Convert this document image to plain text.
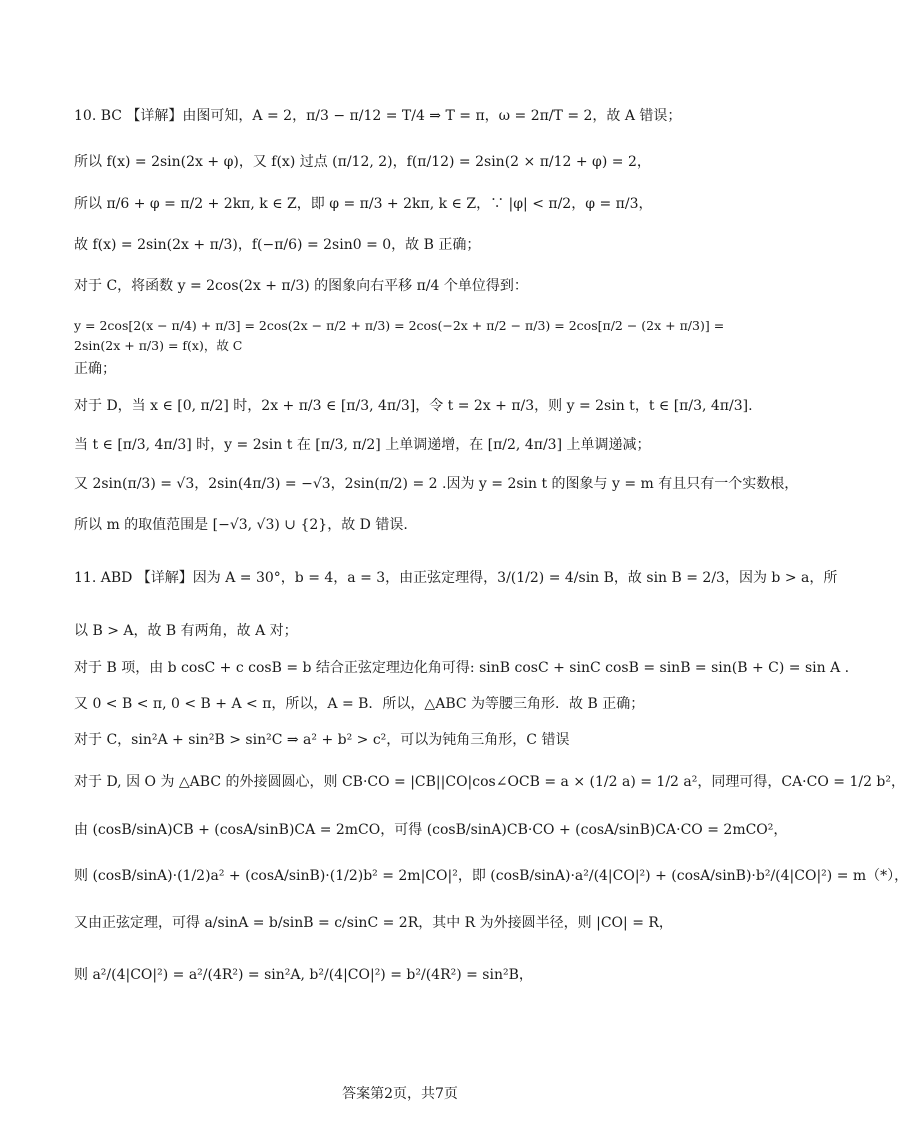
10. BC 【详解】由图可知，A = 2，π/3 − π/12 = T/4 ⇒ T = π，ω = 2π/T = 2，故 A 错误；
所以 f(x) = 2sin(2x + φ)，又 f(x) 过点 (π/12, 2)，f(π/12) = 2sin(2 × π/12 + φ) = 2，
所以 π/6 + φ = π/2 + 2kπ, k ∈ Z，即 φ = π/3 + 2kπ, k ∈ Z，∵ |φ| < π/2，φ = π/3，
故 f(x) = 2sin(2x + π/3)，f(−π/6) = 2sin0 = 0，故 B 正确；
对于 C，将函数 y = 2cos(2x + π/3) 的图象向右平移 π/4 个单位得到：
y = 2cos[2(x − π/4) + π/3] = 2cos(2x − π/2 + π/3) = 2cos(−2x + π/2 − π/3) = 2cos[π/2 − (2x + π/3)] = 2sin(2x + π/3) = f(x)，故 C
正确；
对于 D，当 x ∈ [0, π/2] 时，2x + π/3 ∈ [π/3, 4π/3]，令 t = 2x + π/3，则 y = 2sin t，t ∈ [π/3, 4π/3].
当 t ∈ [π/3, 4π/3] 时，y = 2sin t 在 [π/3, π/2] 上单调递增，在 [π/2, 4π/3] 上单调递减；
又 2sin(π/3) = √3，2sin(4π/3) = −√3，2sin(π/2) = 2 .因为 y = 2sin t 的图象与 y = m 有且只有一个实数根，
所以 m 的取值范围是 [−√3, √3) ∪ {2}，故 D 错误.
11. ABD 【详解】因为 A = 30°，b = 4，a = 3，由正弦定理得，3/(1/2) = 4/sin B，故 sin B = 2/3，因为 b > a，所
以 B > A，故 B 有两角，故 A 对；
对于 B 项，由 b cosC + c cosB = b 结合正弦定理边化角可得: sinB cosC + sinC cosB = sinB = sin(B + C) = sin A .
又 0 < B < π, 0 < B + A < π，所以，A = B．所以，△ABC 为等腰三角形．故 B 正确；
对于 C，sin²A + sin²B > sin²C ⇒ a² + b² > c²，可以为钝角三角形，C 错误
对于 D, 因 O 为 △ABC 的外接圆圆心，则 CB·CO = |CB||CO|cos∠OCB = a × (1/2 a) = 1/2 a²，同理可得，CA·CO = 1/2 b²，
由 (cosB/sinA)CB + (cosA/sinB)CA = 2mCO，可得 (cosB/sinA)CB·CO + (cosA/sinB)CA·CO = 2mCO²，
则 (cosB/sinA)·(1/2)a² + (cosA/sinB)·(1/2)b² = 2m|CO|²，即 (cosB/sinA)·a²/(4|CO|²) + (cosA/sinB)·b²/(4|CO|²) = m（*），
又由正弦定理，可得 a/sinA = b/sinB = c/sinC = 2R，其中 R 为外接圆半径，则 |CO| = R，
则 a²/(4|CO|²) = a²/(4R²) = sin²A, b²/(4|CO|²) = b²/(4R²) = sin²B，
答案第2页，共7页
